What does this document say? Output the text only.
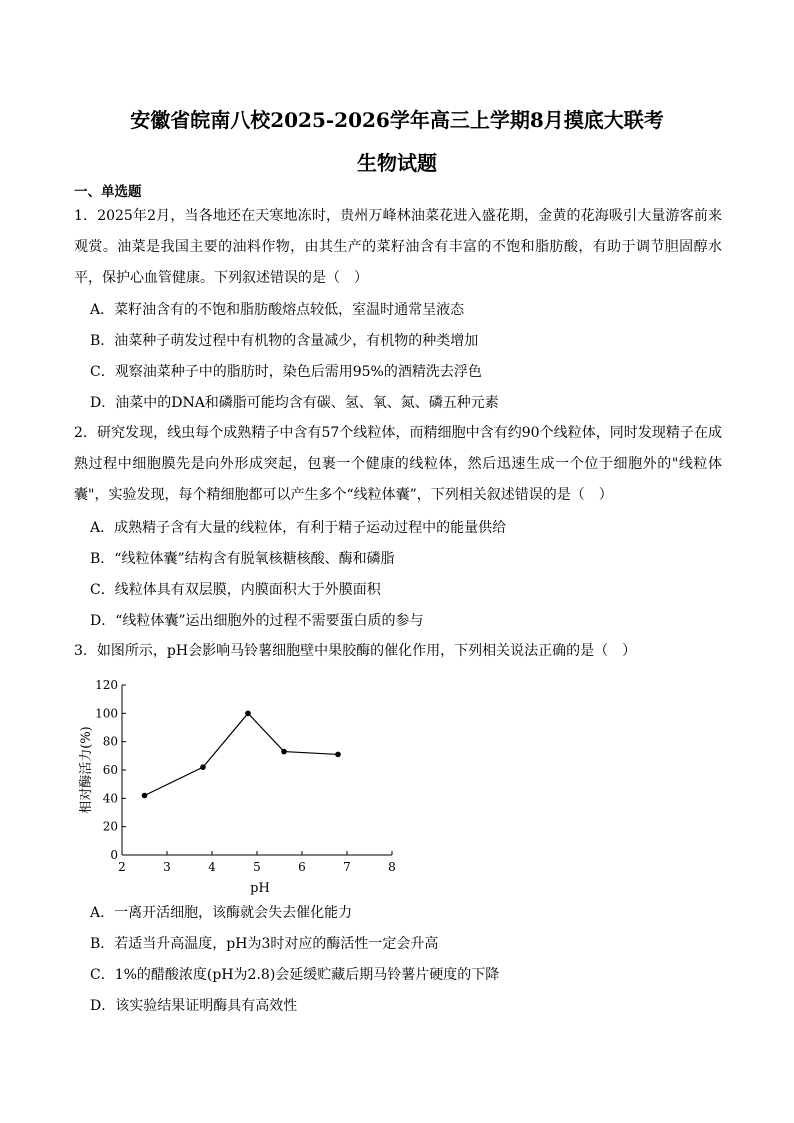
安徽省皖南八校2025-2026学年高三上学期8月摸底大联考
生物试题
一、单选题
1．2025年2月，当各地还在天寒地冻时，贵州万峰林油菜花进入盛花期，金黄的花海吸引大量游客前来观赏。油菜是我国主要的油料作物，由其生产的菜籽油含有丰富的不饱和脂肪酸，有助于调节胆固醇水平，保护心血管健康。下列叙述错误的是（　）
A．菜籽油含有的不饱和脂肪酸熔点较低，室温时通常呈液态
B．油菜种子萌发过程中有机物的含量减少，有机物的种类增加
C．观察油菜种子中的脂肪时，染色后需用95%的酒精洗去浮色
D．油菜中的DNA和磷脂可能均含有碳、氢、氧、氮、磷五种元素
2．研究发现，线虫每个成熟精子中含有57个线粒体，而精细胞中含有约90个线粒体，同时发现精子在成熟过程中细胞膜先是向外形成突起，包裹一个健康的线粒体，然后迅速生成一个位于细胞外的"线粒体囊"，实验发现，每个精细胞都可以产生多个“线粒体囊”，下列相关叙述错误的是（　）
A．成熟精子含有大量的线粒体，有利于精子运动过程中的能量供给
B．“线粒体囊”结构含有脱氧核糖核酸、酶和磷脂
C．线粒体具有双层膜，内膜面积大于外膜面积
D．“线粒体囊”运出细胞外的过程不需要蛋白质的参与
3．如图所示，pH会影响马铃薯细胞壁中果胶酶的催化作用，下列相关说法正确的是（　）
2	3	4	5	6	7	8
0
20
40
60
80
100
120
pH
相对酶活力(%)
A．一离开活细胞，该酶就会失去催化能力
B．若适当升高温度，pH为3时对应的酶活性一定会升高
C．1%的醋酸浓度(pH为2.8)会延缓贮藏后期马铃薯片硬度的下降
D．该实验结果证明酶具有高效性
